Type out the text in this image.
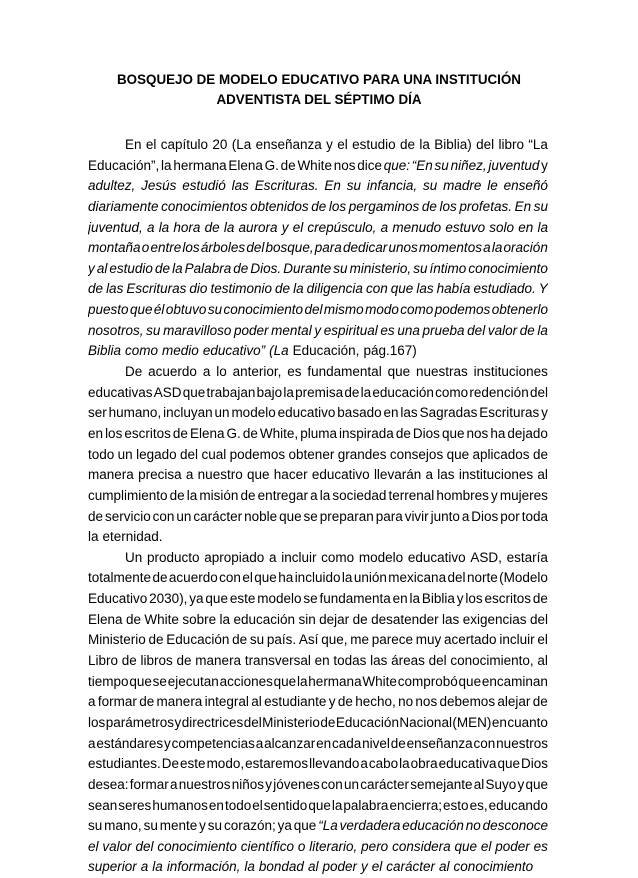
BOSQUEJO DE MODELO EDUCATIVO PARA UNA INSTITUCIÓN
ADVENTISTA DEL SÉPTIMO DÍA
En el capítulo 20 (La enseñanza y el estudio de la Biblia) del libro “La
Educación”, la hermana Elena G. de White nos dice que: “En su niñez, juventud y
adultez, Jesús estudió las Escrituras. En su infancia, su madre le enseñó
diariamente conocimientos obtenidos de los pergaminos de los profetas. En su
juventud, a la hora de la aurora y el crepúsculo, a menudo estuvo solo en la
montaña o entre los árboles del bosque, para dedicar unos momentos a la oración
y al estudio de la Palabra de Dios. Durante su ministerio, su íntimo conocimiento
de las Escrituras dio testimonio de la diligencia con que las había estudiado. Y
puesto que él obtuvo su conocimiento del mismo modo como podemos obtenerlo
nosotros, su maravilloso poder mental y espiritual es una prueba del valor de la
Biblia como medio educativo” (La Educación, pág.167)
De acuerdo a lo anterior, es fundamental que nuestras instituciones
educativas ASD que trabajan bajo la premisa de la educación como redención del
ser humano, incluyan un modelo educativo basado en las Sagradas Escrituras y
en los escritos de Elena G. de White, pluma inspirada de Dios que nos ha dejado
todo un legado del cual podemos obtener grandes consejos que aplicados de
manera precisa a nuestro que hacer educativo llevarán a las instituciones al
cumplimiento de la misión de entregar a la sociedad terrenal hombres y mujeres
de servicio con un carácter noble que se preparan para vivir junto a Dios por toda
la eternidad.
Un producto apropiado a incluir como modelo educativo ASD, estaría
totalmente de acuerdo con el que ha incluido la unión mexicana del norte (Modelo
Educativo 2030), ya que este modelo se fundamenta en la Biblia y los escritos de
Elena de White sobre la educación sin dejar de desatender las exigencias del
Ministerio de Educación de su país. Así que, me parece muy acertado incluir el
Libro de libros de manera transversal en todas las áreas del conocimiento, al
tiempo que se ejecutan acciones que la hermana White comprobó que encaminan
a formar de manera integral al estudiante y de hecho, no nos debemos alejar de
los parámetros y directrices del Ministerio de Educación Nacional (MEN) en cuanto
a estándares y competencias a alcanzar en cada nivel de enseñanza con nuestros
estudiantes. De este modo, estaremos llevando a cabo la obra educativa que Dios
desea: formar a nuestros niños y jóvenes con un carácter semejante al Suyo y que
sean seres humanos en todo el sentido que la palabra encierra; esto es, educando
su mano, su mente y su corazón; ya que “La verdadera educación no desconoce
el valor del conocimiento científico o literario, pero considera que el poder es
superior a la información, la bondad al poder y el carácter al conocimiento
